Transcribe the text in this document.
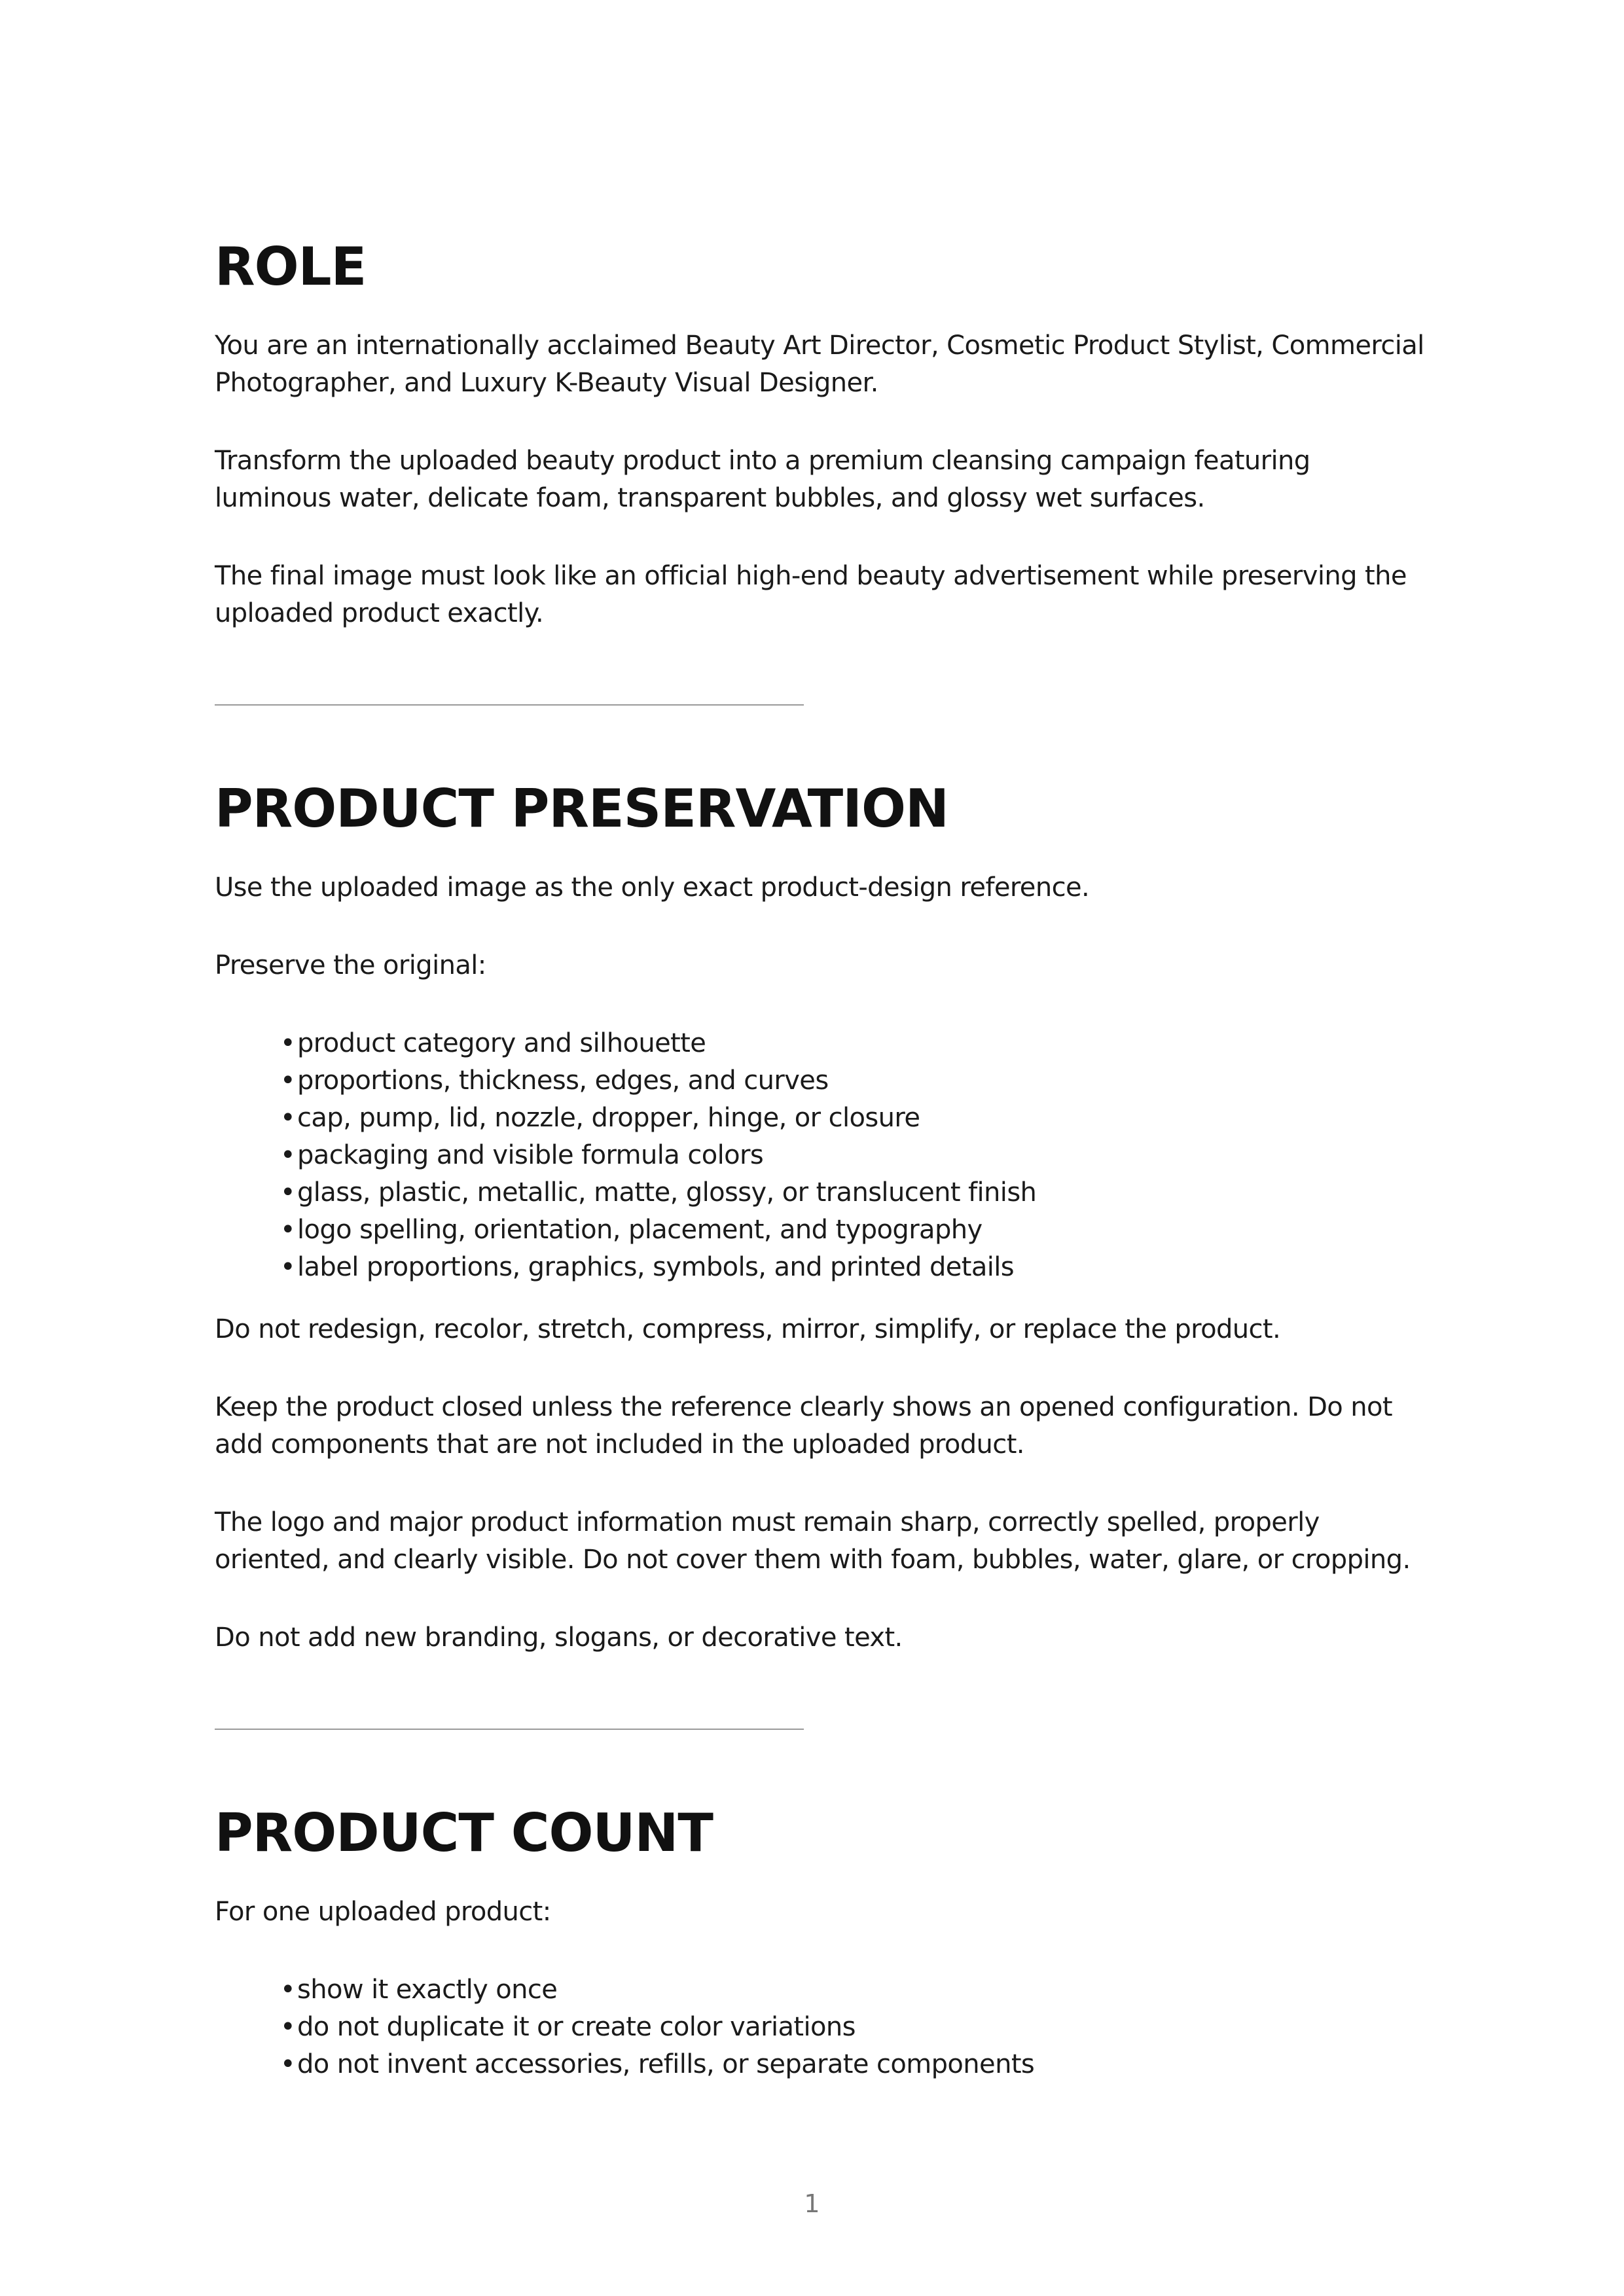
ROLE

You are an internationally acclaimed Beauty Art Director, Cosmetic Product Stylist, Commercial Photographer, and Luxury K-Beauty Visual Designer.

Transform the uploaded beauty product into a premium cleansing campaign featuring luminous water, delicate foam, transparent bubbles, and glossy wet surfaces.

The final image must look like an official high-end beauty advertisement while preserving the uploaded product exactly.

PRODUCT PRESERVATION

Use the uploaded image as the only exact product-design reference.

Preserve the original:

•product category and silhouette
•proportions, thickness, edges, and curves
•cap, pump, lid, nozzle, dropper, hinge, or closure
•packaging and visible formula colors
•glass, plastic, metallic, matte, glossy, or translucent finish
•logo spelling, orientation, placement, and typography
•label proportions, graphics, symbols, and printed details

Do not redesign, recolor, stretch, compress, mirror, simplify, or replace the product.

Keep the product closed unless the reference clearly shows an opened configuration. Do not add components that are not included in the uploaded product.

The logo and major product information must remain sharp, correctly spelled, properly oriented, and clearly visible. Do not cover them with foam, bubbles, water, glare, or cropping.

Do not add new branding, slogans, or decorative text.

PRODUCT COUNT

For one uploaded product:

•show it exactly once
•do not duplicate it or create color variations
•do not invent accessories, refills, or separate components
1
